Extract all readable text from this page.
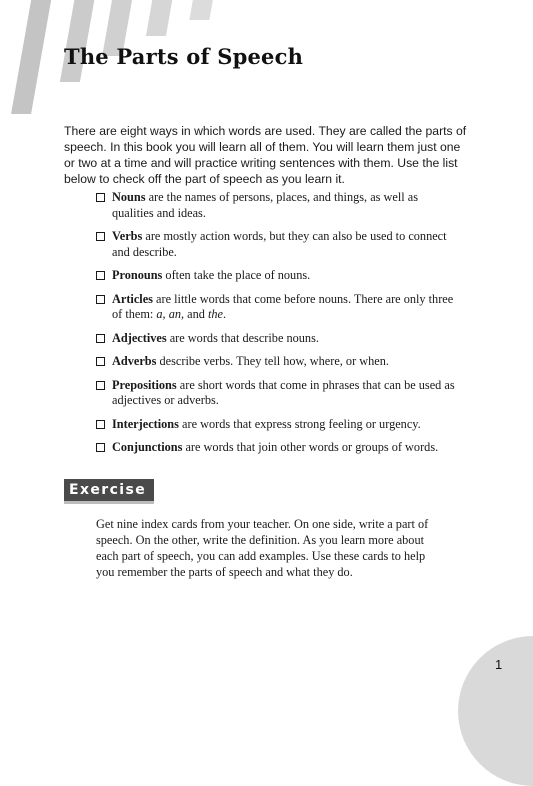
The Parts of Speech

There are eight ways in which words are used. They are called the parts of speech. In this book you will learn all of them. You will learn them just one or two at a time and will practice writing sentences with them. Use the list below to check off the part of speech as you learn it.

Nouns are the names of persons, places, and things, as well as qualities and ideas.
Verbs are mostly action words, but they can also be used to connect and describe.
Pronouns often take the place of nouns.
Articles are little words that come before nouns. There are only three of them: a, an, and the.
Adjectives are words that describe nouns.
Adverbs describe verbs. They tell how, where, or when.
Prepositions are short words that come in phrases that can be used as adjectives or adverbs.
Interjections are words that express strong feeling or urgency.
Conjunctions are words that join other words or groups of words.
Exercise

Get nine index cards from your teacher. On one side, write a part of speech. On the other, write the definition. As you learn more about each part of speech, you can add examples. Use these cards to help you remember the parts of speech and what they do.

1
